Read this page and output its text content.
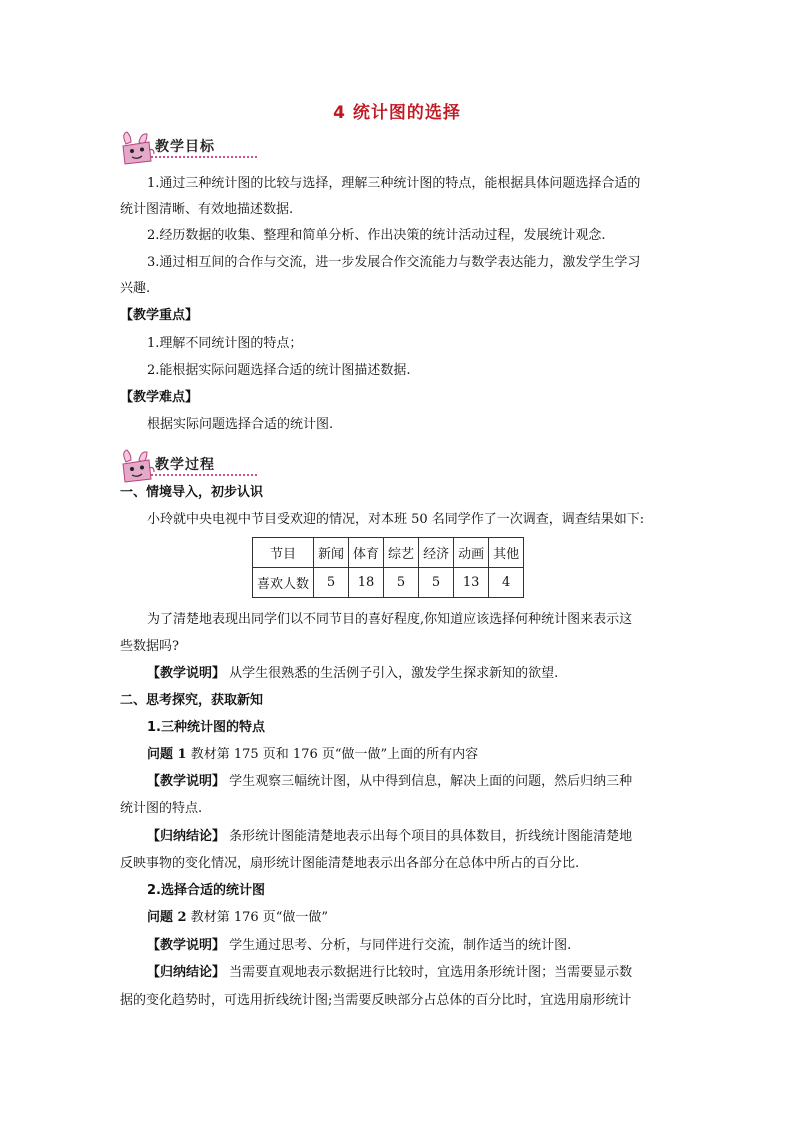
4 统计图的选择
教学目标
1.通过三种统计图的比较与选择，理解三种统计图的特点，能根据具体问题选择合适的
统计图清晰、有效地描述数据.
2.经历数据的收集、整理和简单分析、作出决策的统计活动过程，发展统计观念.
3.通过相互间的合作与交流，进一步发展合作交流能力与数学表达能力，激发学生学习
兴趣.
【教学重点】
1.理解不同统计图的特点；
2.能根据实际问题选择合适的统计图描述数据.
【教学难点】
根据实际问题选择合适的统计图.
教学过程
一、情境导入，初步认识
小玲就中央电视中节目受欢迎的情况，对本班 50 名同学作了一次调查，调查结果如下:
节目	新闻	体育	综艺	经济	动画	其他
喜欢人数	5	18	5	5	13	4
为了清楚地表现出同学们以不同节目的喜好程度,你知道应该选择何种统计图来表示这
些数据吗?
【教学说明】 从学生很熟悉的生活例子引入，激发学生探求新知的欲望.
二、思考探究，获取新知
1.三种统计图的特点
问题 1 教材第 175 页和 176 页“做一做”上面的所有内容
【教学说明】 学生观察三幅统计图，从中得到信息，解决上面的问题，然后归纳三种
统计图的特点.
【归纳结论】 条形统计图能清楚地表示出每个项目的具体数目，折线统计图能清楚地
反映事物的变化情况，扇形统计图能清楚地表示出各部分在总体中所占的百分比.
2.选择合适的统计图
问题 2 教材第 176 页“做一做”
【教学说明】 学生通过思考、分析，与同伴进行交流，制作适当的统计图.
【归纳结论】 当需要直观地表示数据进行比较时，宜选用条形统计图；当需要显示数
据的变化趋势时，可选用折线统计图;当需要反映部分占总体的百分比时，宜选用扇形统计
